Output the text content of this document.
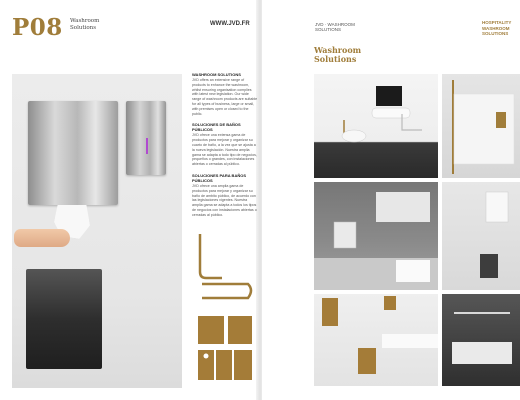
P08 Washroom
Solutions
WWW.JVD.FR
WASHROOM SOLUTIONS
JVD offers an extensive range of products to enhance the washroom, whilst ensuring organisation complies with latest new legislation. Our wide range of washroom products are suitable for all types of business, large or small, with premises open or closed to the public.
SOLUCIONES DE BAÑOS PÚBLICOS
JVD ofrece una extensa gama de productos para mejorar y organizar su cuarto de baño, a la vez que se ajusta a la nueva legislación. Nuestra amplia gama se adapta a todo tipo de negocios, pequeños o grandes, con instalaciones abiertas o cerradas al público.
SOLUCIONES PARA BAÑOS PÚBLICOS
JVD ofrece una amplia gama de productos para mejorar y organizar su baño de ambito público, de acuerdo con las legislaciones vigentes. Nuestra amplia gama se adapta a todos los tipos de negocios con instalaciones abiertas o cerradas al público.
JVD · WASHROOM SOLUTIONS
HOSPITALITY
WASHROOM SOLUTIONS
Washroom
Solutions
